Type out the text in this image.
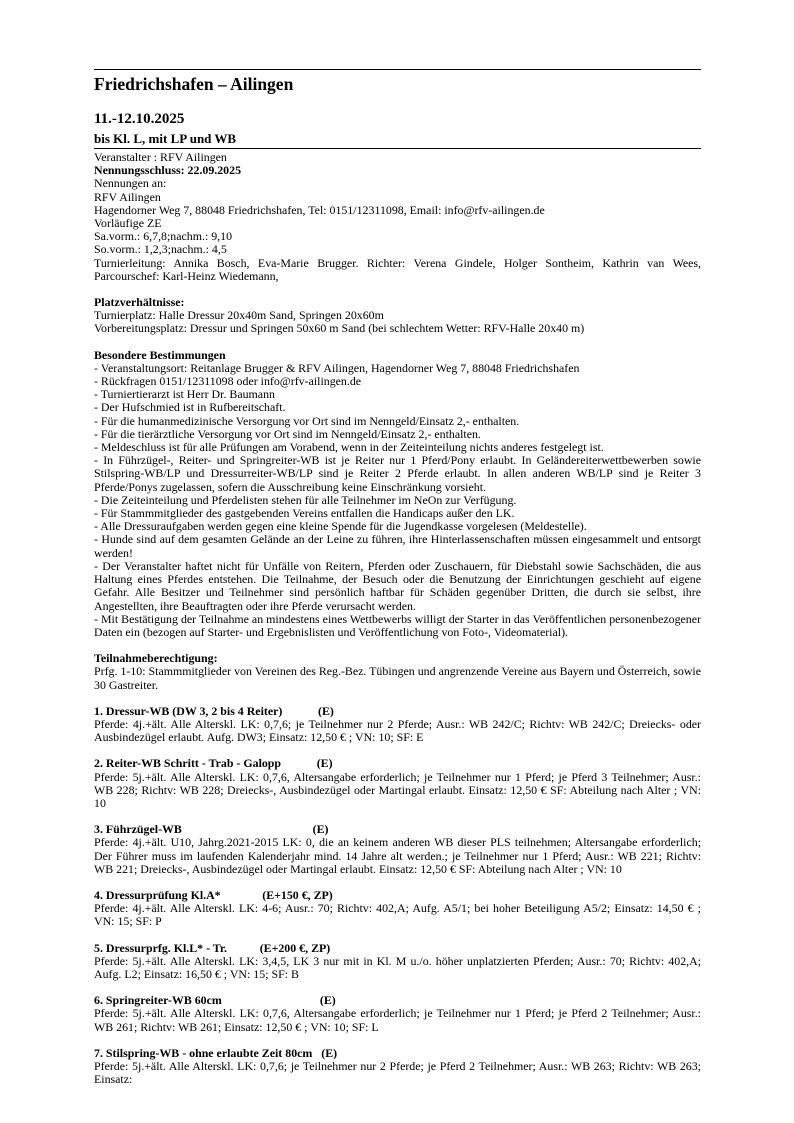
Friedrichshafen – Ailingen
11.-12.10.2025
bis Kl. L, mit LP und WB

Veranstalter : RFV Ailingen

Nennungsschluss: 22.09.2025

Nennungen an:

RFV Ailingen

Hagendorner Weg 7, 88048 Friedrichshafen, Tel: 0151/12311098, Email: info@rfv-ailingen.de

Vorläufige ZE

Sa.vorm.: 6,7,8;nachm.: 9,10

So.vorm.: 1,2,3;nachm.: 4,5

Turnierleitung: Annika Bosch, Eva-Marie Brugger. Richter: Verena Gindele, Holger Sontheim, Kathrin van Wees, Parcourschef: Karl-Heinz Wiedemann,

Platzverhältnisse:

Turnierplatz: Halle Dressur 20x40m Sand, Springen 20x60m

Vorbereitungsplatz: Dressur und Springen 50x60 m Sand (bei schlechtem Wetter: RFV-Halle 20x40 m)

Besondere Bestimmungen

- Veranstaltungsort: Reitanlage Brugger & RFV Ailingen, Hagendorner Weg 7, 88048 Friedrichshafen

- Rückfragen 0151/12311098 oder info@rfv-ailingen.de

- Turniertierarzt ist Herr Dr. Baumann

- Der Hufschmied ist in Rufbereitschaft.

- Für die humanmedizinische Versorgung vor Ort sind im Nenngeld/Einsatz 2,- enthalten.

- Für die tierärztliche Versorgung vor Ort sind im Nenngeld/Einsatz 2,- enthalten.

- Meldeschluss ist für alle Prüfungen am Vorabend, wenn in der Zeiteinteilung nichts anderes festgelegt ist.

- In Führzügel-, Reiter- und Springreiter-WB ist je Reiter nur 1 Pferd/Pony erlaubt. In Geländereiterwettbewerben sowie Stilspring-WB/LP und Dressurreiter-WB/LP sind je Reiter 2 Pferde erlaubt. In allen anderen WB/LP sind je Reiter 3 Pferde/Ponys zugelassen, sofern die Ausschreibung keine Einschränkung vorsieht.

- Die Zeiteinteilung und Pferdelisten stehen für alle Teilnehmer im NeOn zur Verfügung.

- Für Stammmitglieder des gastgebenden Vereins entfallen die Handicaps außer den LK.

- Alle Dressuraufgaben werden gegen eine kleine Spende für die Jugendkasse vorgelesen (Meldestelle).

- Hunde sind auf dem gesamten Gelände an der Leine zu führen, ihre Hinterlassenschaften müssen eingesammelt und entsorgt werden!

- Der Veranstalter haftet nicht für Unfälle von Reitern, Pferden oder Zuschauern, für Diebstahl sowie Sachschäden, die aus Haltung eines Pferdes entstehen. Die Teilnahme, der Besuch oder die Benutzung der Einrichtungen geschieht auf eigene Gefahr. Alle Besitzer und Teilnehmer sind persönlich haftbar für Schäden gegenüber Dritten, die durch sie selbst, ihre Angestellten, ihre Beauftragten oder ihre Pferde verursacht werden.

- Mit Bestätigung der Teilnahme an mindestens eines Wettbewerbs willigt der Starter in das Veröffentlichen personenbezogener Daten ein (bezogen auf Starter- und Ergebnislisten und Veröffentlichung von Foto-, Videomaterial).

Teilnahmeberechtigung:

Prfg. 1-10: Stammmitglieder von Vereinen des Reg.-Bez. Tübingen und angrenzende Vereine aus Bayern und Österreich, sowie 30 Gastreiter.

1. Dressur-WB (DW 3, 2 bis 4 Reiter)            (E)

Pferde: 4j.+ält. Alle Alterskl. LK: 0,7,6; je Teilnehmer nur 2 Pferde; Ausr.: WB 242/C; Richtv: WB 242/C; Dreiecks- oder Ausbindezügel erlaubt. Aufg. DW3; Einsatz: 12,50 € ; VN: 10; SF: E

2. Reiter-WB Schritt - Trab - Galopp            (E)

Pferde: 5j.+ält. Alle Alterskl. LK: 0,7,6, Altersangabe erforderlich; je Teilnehmer nur 1 Pferd; je Pferd 3 Teilnehmer; Ausr.: WB 228; Richtv: WB 228; Dreiecks-, Ausbindezügel oder Martingal erlaubt. Einsatz: 12,50 € SF: Abteilung nach Alter ; VN: 10

3. Führzügel-WB                                            (E)

Pferde: 4j.+ält. U10, Jahrg.2021-2015 LK: 0, die an keinem anderen WB dieser PLS teilnehmen; Altersangabe erforderlich; Der Führer muss im laufenden Kalenderjahr mind. 14 Jahre alt werden.; je Teilnehmer nur 1 Pferd; Ausr.: WB 221; Richtv: WB 221; Dreiecks-, Ausbindezügel oder Martingal erlaubt. Einsatz: 12,50 € SF: Abteilung nach Alter ; VN: 10

4. Dressurprüfung Kl.A*              (E+150 €, ZP)

Pferde: 4j.+ält. Alle Alterskl. LK: 4-6; Ausr.: 70; Richtv: 402,A; Aufg. A5/1; bei hoher Beteiligung A5/2; Einsatz: 14,50 € ; VN: 15; SF: P

5. Dressurprfg. Kl.L* - Tr.           (E+200 €, ZP)

Pferde: 5j.+ält. Alle Alterskl. LK: 3,4,5, LK 3 nur mit in Kl. M u./o. höher unplatzierten Pferden; Ausr.: 70; Richtv: 402,A; Aufg. L2; Einsatz: 16,50 € ; VN: 15; SF: B

6. Springreiter-WB 60cm                                 (E)

Pferde: 5j.+ält. Alle Alterskl. LK: 0,7,6, Altersangabe erforderlich; je Teilnehmer nur 1 Pferd; je Pferd 2 Teilnehmer; Ausr.: WB 261; Richtv: WB 261; Einsatz: 12,50 € ; VN: 10; SF: L

7. Stilspring-WB - ohne erlaubte Zeit 80cm   (E)

Pferde: 5j.+ält. Alle Alterskl. LK: 0,7,6; je Teilnehmer nur 2 Pferde; je Pferd 2 Teilnehmer; Ausr.: WB 263; Richtv: WB 263; Einsatz:
